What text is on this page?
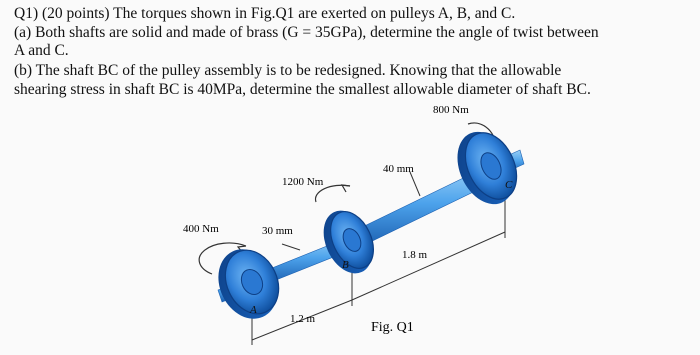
Q1) (20 points) The torques shown in Fig.Q1 are exerted on pulleys A, B, and C.
(a) Both shafts are solid and made of brass (G = 35GPa), determine the angle of twist between
A and C.
(b) The shaft BC of the pulley assembly is to be redesigned. Knowing that the allowable
shearing stress in shaft BC is 40MPa, determine the smallest allowable diameter of shaft BC.
400 Nm
1200 Nm
800 Nm
30 mm
40 mm
1.2 m
1.8 m
A
B
C
Fig. Q1
